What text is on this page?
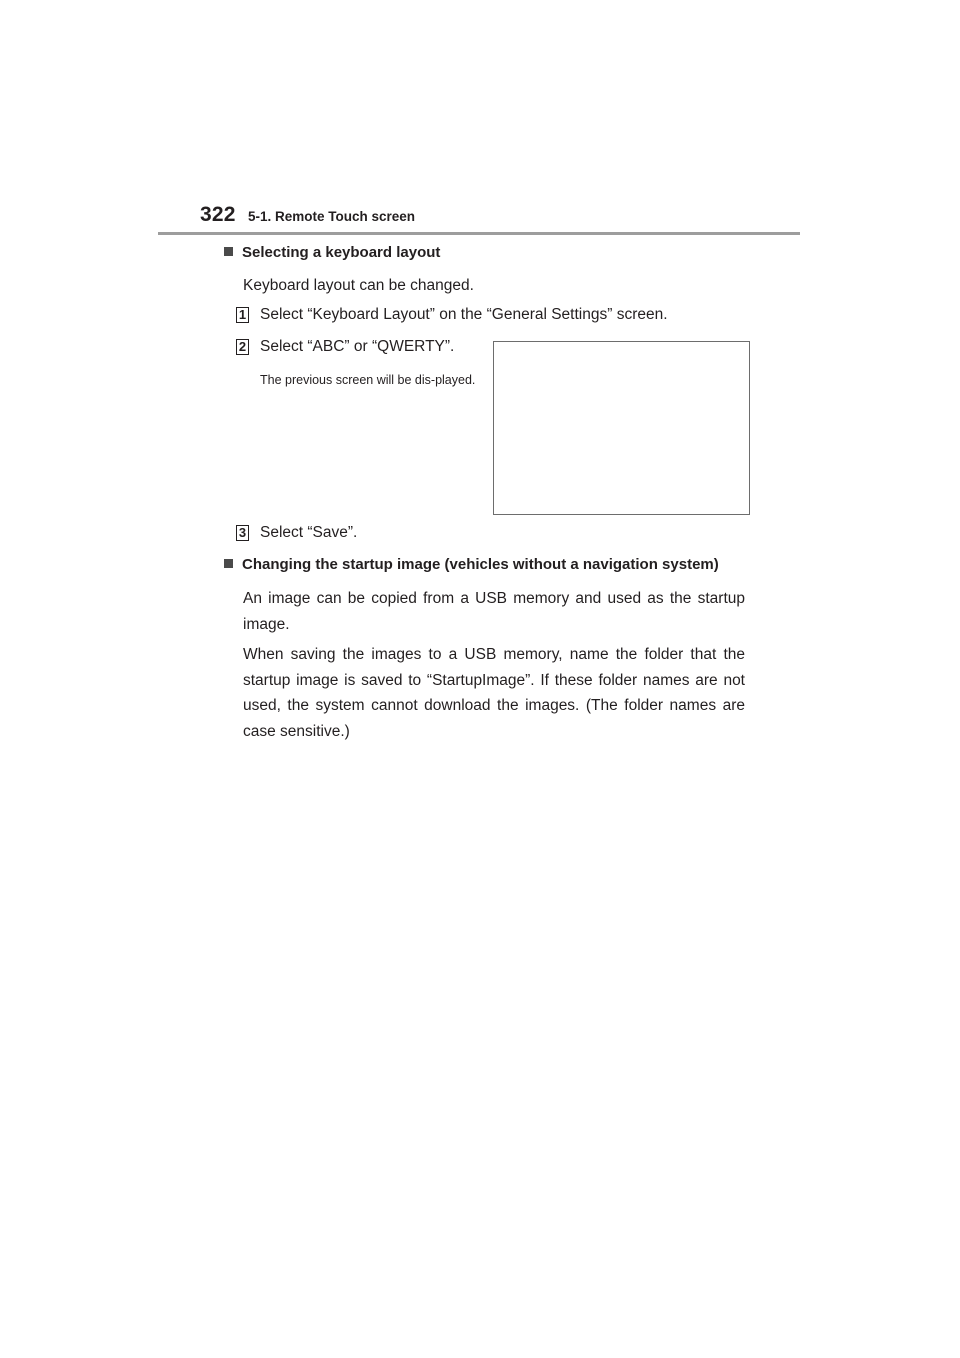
322 5-1. Remote Touch screen
Selecting a keyboard layout
Keyboard layout can be changed.
1 Select “Keyboard Layout” on the “General Settings” screen.
2 Select “ABC” or “QWERTY”.
The previous screen will be dis-played.
3 Select “Save”.
Changing the startup image (vehicles without a navigation system)
An image can be copied from a USB memory and used as the startup image.
When saving the images to a USB memory, name the folder that the startup image is saved to “StartupImage”. If these folder names are not used, the system cannot download the images. (The folder names are case sensitive.)
